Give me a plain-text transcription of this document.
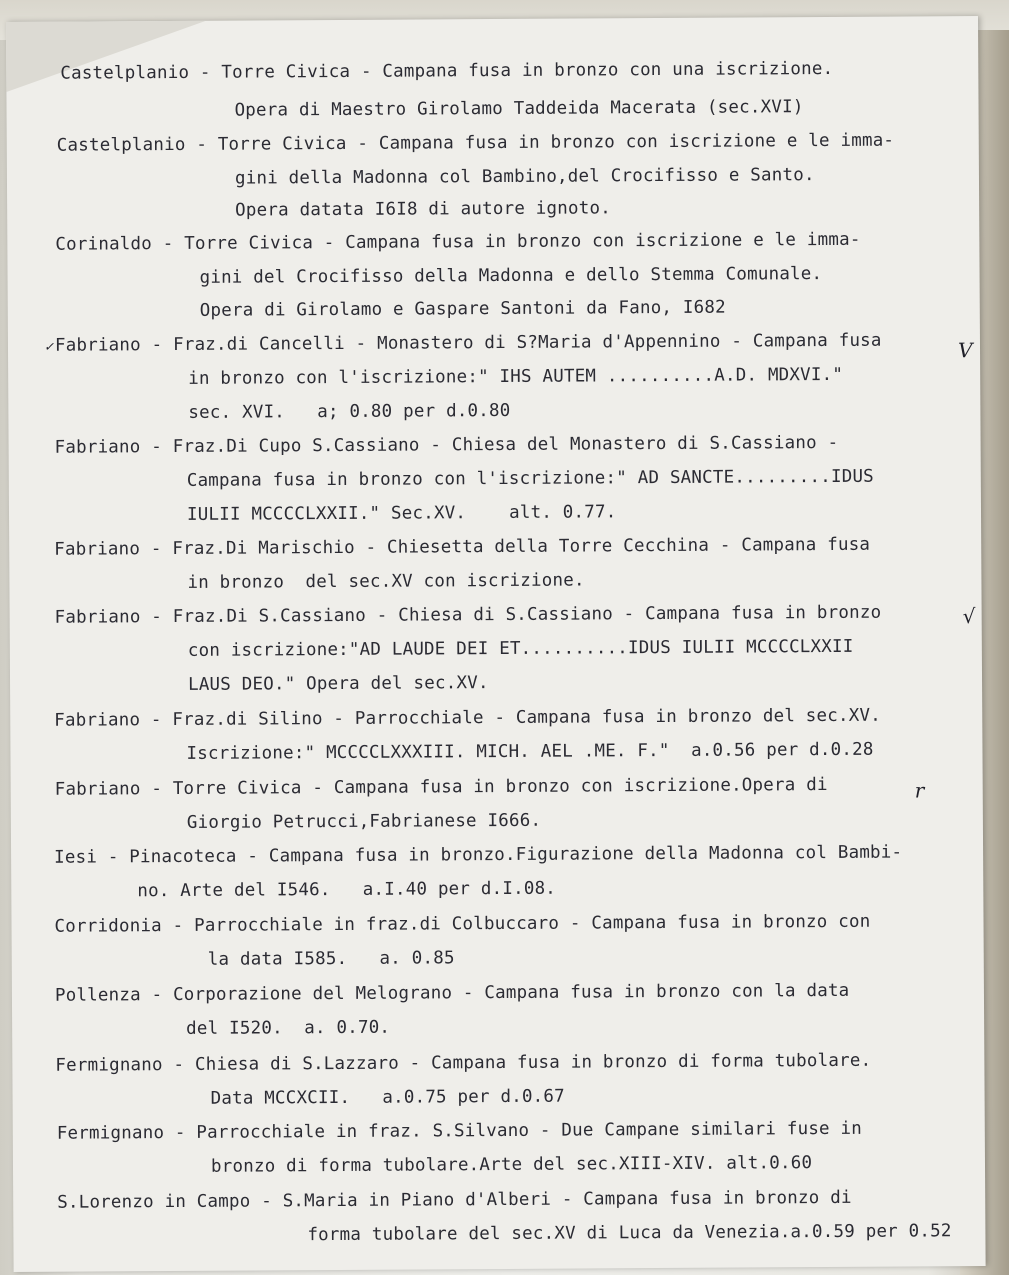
Castelplanio - Torre Civica - Campana fusa in bronzo con una iscrizione.
Opera di Maestro Girolamo Taddeida Macerata (sec.XVI)
Castelplanio - Torre Civica - Campana fusa in bronzo con iscrizione e le imma-
gini della Madonna col Bambino,del Crocifisso e Santo.
Opera datata I6I8 di autore ignoto.
Corinaldo - Torre Civica - Campana fusa in bronzo con iscrizione e le imma-
gini del Crocifisso della Madonna e dello Stemma Comunale.
Opera di Girolamo e Gaspare Santoni da Fano, I682
Fabriano - Fraz.di Cancelli - Monastero di S?Maria d'Appennino - Campana fusa
in bronzo con l'iscrizione:" IHS AUTEM ..........A.D. MDXVI."
sec. XVI.   a; 0.80 per d.0.80
Fabriano - Fraz.Di Cupo S.Cassiano - Chiesa del Monastero di S.Cassiano -
Campana fusa in bronzo con l'iscrizione:" AD SANCTE.........IDUS
IULII MCCCCLXXII." Sec.XV.    alt. 0.77.
Fabriano - Fraz.Di Marischio - Chiesetta della Torre Cecchina - Campana fusa
in bronzo  del sec.XV con iscrizione.
Fabriano - Fraz.Di S.Cassiano - Chiesa di S.Cassiano - Campana fusa in bronzo
con iscrizione:"AD LAUDE DEI ET..........IDUS IULII MCCCCLXXII
LAUS DEO." Opera del sec.XV.
Fabriano - Fraz.di Silino - Parrocchiale - Campana fusa in bronzo del sec.XV.
Iscrizione:" MCCCCLXXXIII. MICH. AEL .ME. F."  a.0.56 per d.0.28
Fabriano - Torre Civica - Campana fusa in bronzo con iscrizione.Opera di
Giorgio Petrucci,Fabrianese I666.
Iesi - Pinacoteca - Campana fusa in bronzo.Figurazione della Madonna col Bambi-
no. Arte del I546.   a.I.40 per d.I.08.
Corridonia - Parrocchiale in fraz.di Colbuccaro - Campana fusa in bronzo con
la data I585.   a. 0.85
Pollenza - Corporazione del Melograno - Campana fusa in bronzo con la data
del I520.  a. 0.70.
Fermignano - Chiesa di S.Lazzaro - Campana fusa in bronzo di forma tubolare.
Data MCCXCII.   a.0.75 per d.0.67
Fermignano - Parrocchiale in fraz. S.Silvano - Due Campane similari fuse in
bronzo di forma tubolare.Arte del sec.XIII-XIV. alt.0.60
S.Lorenzo in Campo - S.Maria in Piano d'Alberi - Campana fusa in bronzo di
forma tubolare del sec.XV di Luca da Venezia.a.0.59 per 0.52
✓	V
√
r
